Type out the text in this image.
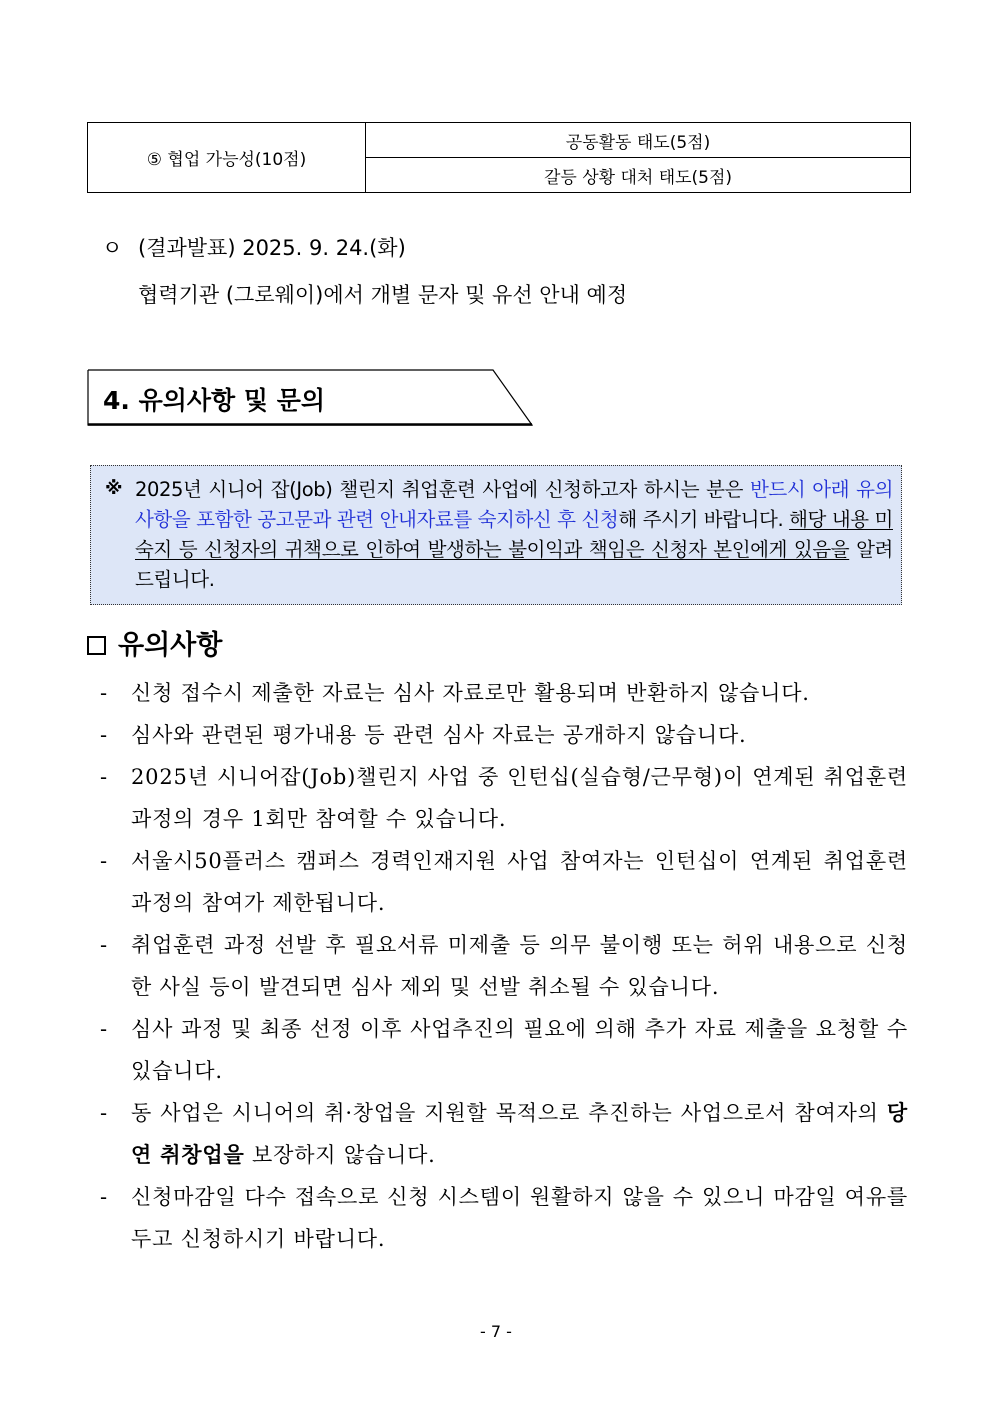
⑤ 협업 가능성(10점)	공동활동 태도(5점)
갈등 상황 대처 태도(5점)
ㅇ (결과발표) 2025. 9. 24.(화)
협력기관 (그로웨이)에서 개별 문자 및 유선 안내 예정
4. 유의사항 및 문의
※ 2025년 시니어 잡(Job) 챌린지 취업훈련 사업에 신청하고자 하시는 분은 반드시 아래 유의사항을 포함한 공고문과 관련 안내자료를 숙지하신 후 신청해 주시기 바랍니다. 해당 내용 미숙지 등 신청자의 귀책으로 인하여 발생하는 불이익과 책임은 신청자 본인에게 있음을 알려드립니다.
유의사항
- 신청 접수시 제출한 자료는 심사 자료로만 활용되며 반환하지 않습니다.
- 심사와 관련된 평가내용 등 관련 심사 자료는 공개하지 않습니다.
- 2025년 시니어잡(Job)챌린지 사업 중 인턴십(실습형/근무형)이 연계된 취업훈련 과정의 경우 1회만 참여할 수 있습니다.
- 서울시50플러스 캠퍼스 경력인재지원 사업 참여자는 인턴십이 연계된 취업훈련 과정의 참여가 제한됩니다.
- 취업훈련 과정 선발 후 필요서류 미제출 등 의무 불이행 또는 허위 내용으로 신청한 사실 등이 발견되면 심사 제외 및 선발 취소될 수 있습니다.
- 심사 과정 및 최종 선정 이후 사업추진의 필요에 의해 추가 자료 제출을 요청할 수 있습니다.
- 동 사업은 시니어의 취·창업을 지원할 목적으로 추진하는 사업으로서 참여자의 당연 취창업을 보장하지 않습니다.
- 신청마감일 다수 접속으로 신청 시스템이 원활하지 않을 수 있으니 마감일 여유를 두고 신청하시기 바랍니다.
- 7 -
